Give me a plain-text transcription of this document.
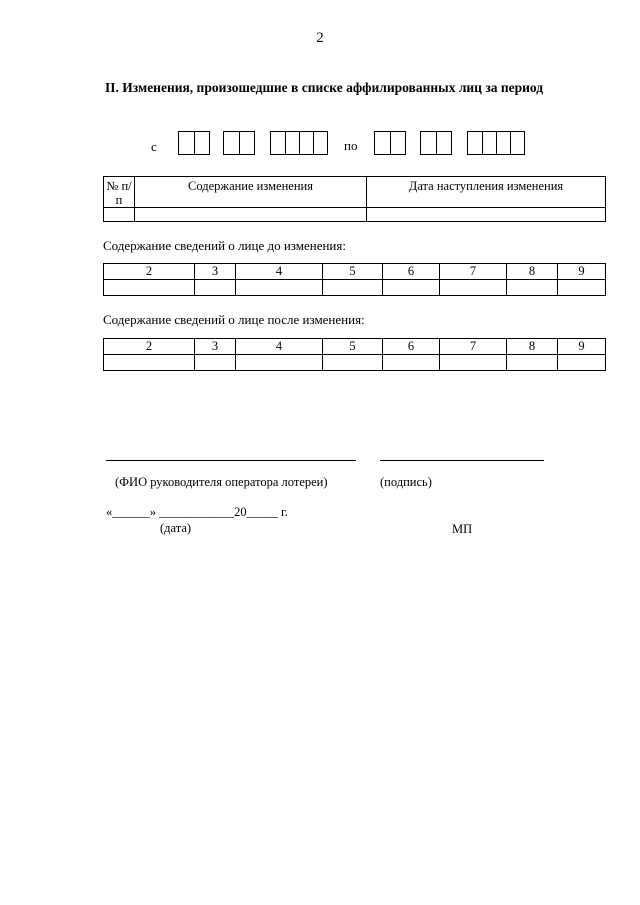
2
II. Изменения, произошедшие в списке аффилированных лиц за период
с	по
№ п/п	Содержание изменения	Дата наступления изменения

Содержание сведений о лице до изменения:
2	3	4	5	6	7	8	9

Содержание сведений о лице после изменения:
2	3	4	5	6	7	8	9

(ФИО руководителя оператора лотереи)	(подпись)
«______» ____________20_____ г.
(дата)	МП
